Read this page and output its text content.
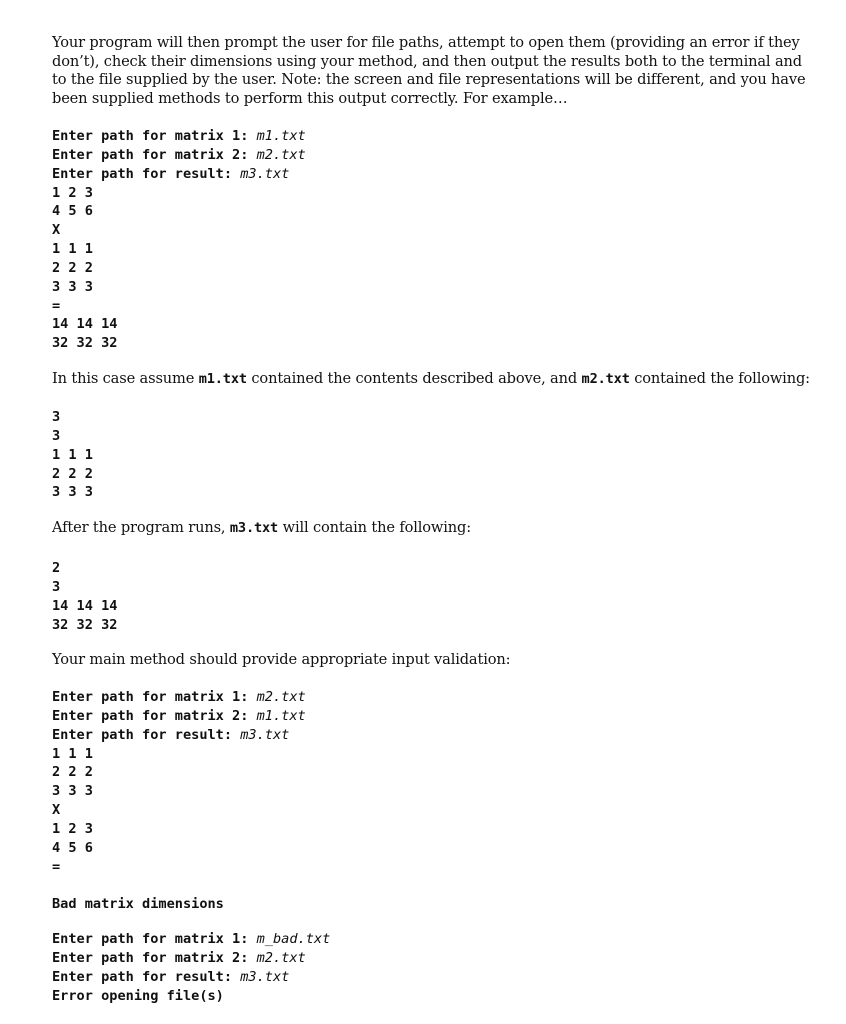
Your program will then prompt the user for file paths, attempt to open them (providing an error if they don’t), check their dimensions using your method, and then output the results both to the terminal and to the file supplied by the user. Note: the screen and file representations will be different, and you have been supplied methods to perform this output correctly. For example…

Enter path for matrix 1: m1.txt
Enter path for matrix 2: m2.txt
Enter path for result: m3.txt
1 2 3
4 5 6
X
1 1 1
2 2 2
3 3 3
=
14 14 14
32 32 32

In this case assume m1.txt contained the contents described above, and m2.txt contained the following:

3
3
1 1 1
2 2 2
3 3 3

After the program runs, m3.txt will contain the following:

2
3
14 14 14
32 32 32

Your main method should provide appropriate input validation:

Enter path for matrix 1: m2.txt
Enter path for matrix 2: m1.txt
Enter path for result: m3.txt
1 1 1
2 2 2
3 3 3
X
1 2 3
4 5 6
=
Bad matrix dimensions
Enter path for matrix 1: m_bad.txt
Enter path for matrix 2: m2.txt
Enter path for result: m3.txt
Error opening file(s)
